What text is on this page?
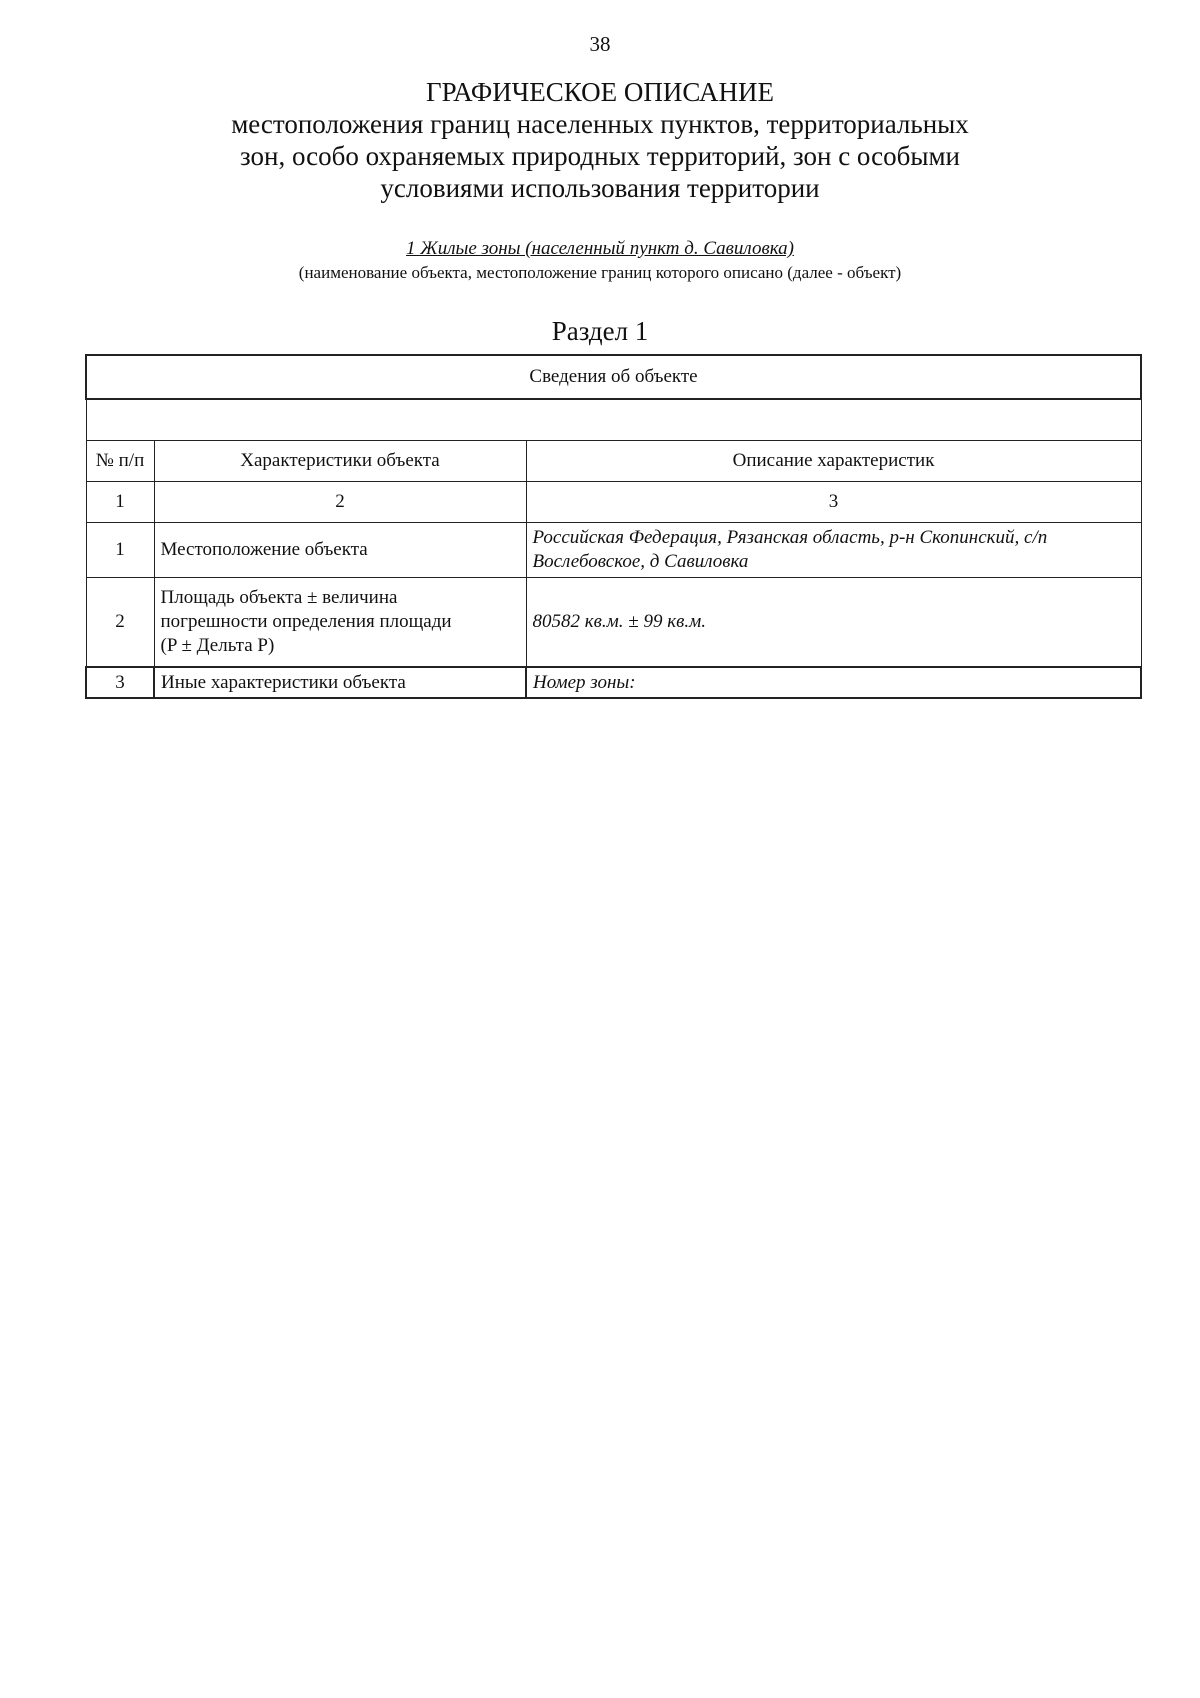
38
ГРАФИЧЕСКОЕ ОПИСАНИЕ
местоположения границ населенных пунктов, территориальных
зон, особо охраняемых природных территорий, зон с особыми
условиями использования территории
1 Жилые зоны (населенный пункт д. Савиловка)
(наименование объекта, местоположение границ которого описано (далее - объект)
Раздел 1
Сведения об объекте		

№ п/п	Характеристики объекта	Описание характеристик
1	2	3
1	Местоположение объекта	Российская Федерация, Рязанская область, р-н Скопинский, с/п
Вослебовское, д Савиловка

2	Площадь объекта ± величина
погрешности определения площади
(P ± Дельта P)	80582 кв.м. ± 99 кв.м.
3	Иные характеристики объекта	Номер зоны:
